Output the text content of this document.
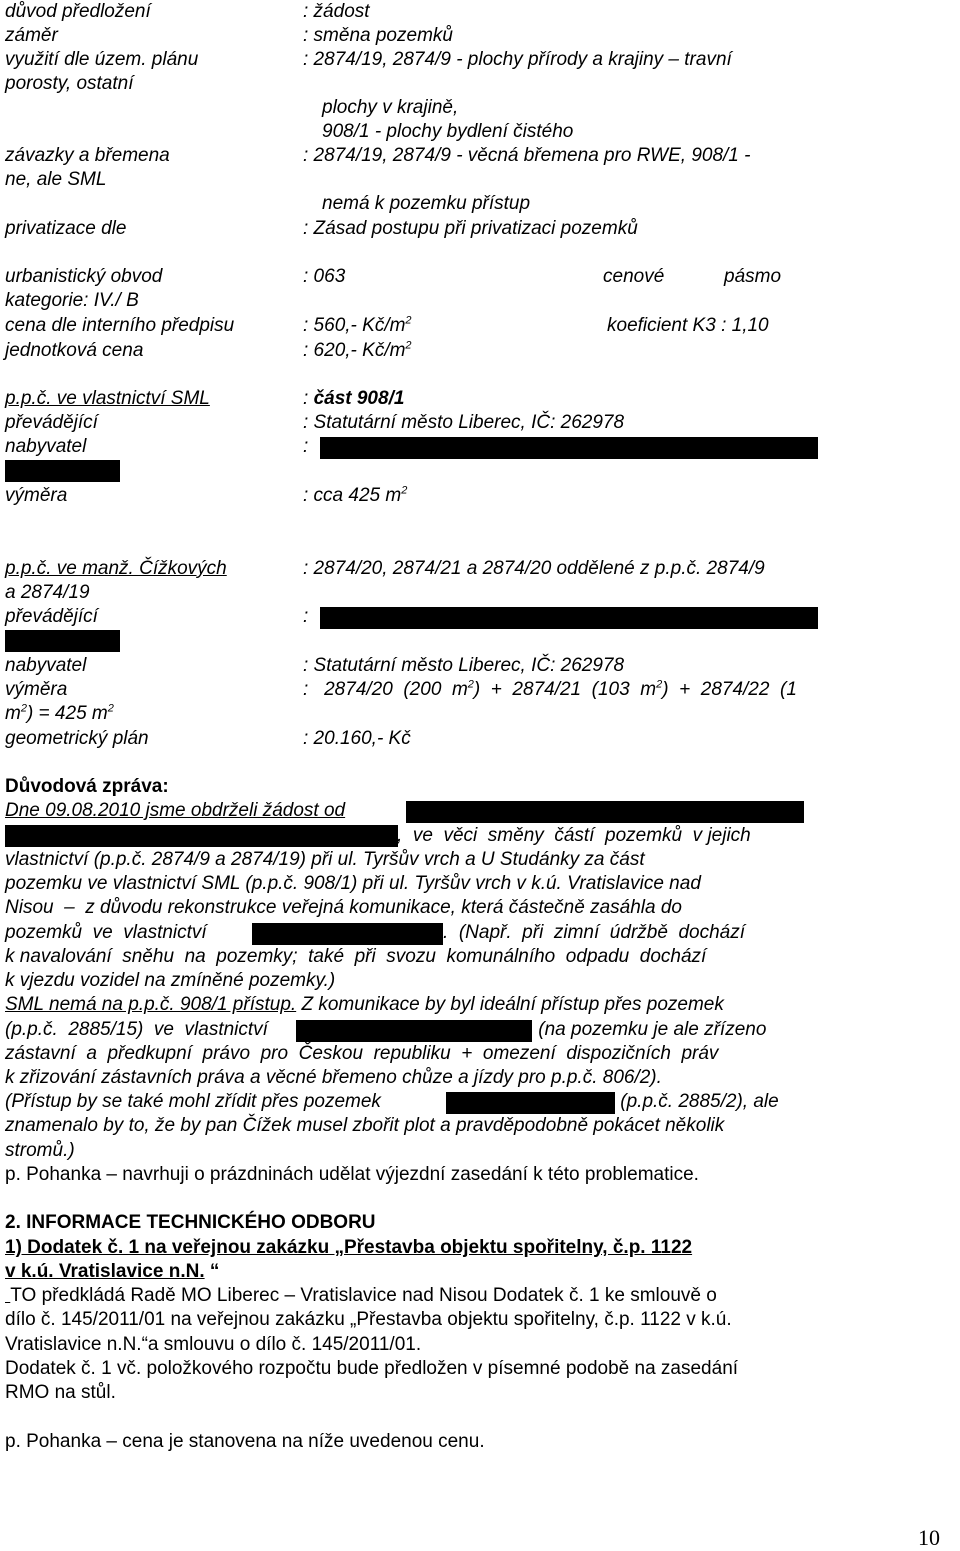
důvod předložení	: žádost
záměr	: směna pozemků
využití dle územ. plánu	: 2874/19, 2874/9 - plochy přírody a krajiny – travní
porosty, ostatní
plochy v krajině,
908/1 - plochy bydlení čistého
závazky a břemena	: 2874/19, 2874/9 - věcná břemena pro RWE, 908/1 -
ne, ale SML
nemá k pozemku přístup
privatizace dle	: Zásad postupu při privatizaci pozemků
urbanistický obvod	: 063	cenové	pásmo
kategorie: IV./ B
cena dle interního předpisu	: 560,- $Kč/m^2$	koeficient K3 : 1,10
jednotková cena	: 620,- $Kč/m^2$
p.p.č. ve vlastnictví SML	: část 908/1
převádějící	: Statutární město Liberec, IČ: 262978
nabyvatel	:
výměra	: cca 425 $m^2$
p.p.č. ve manž. Čížkových	: 2874/20, 2874/21 a 2874/20 oddělené z p.p.č. 2874/9
a 2874/19
převádějící	:
nabyvatel	: Statutární město Liberec, IČ: 262978
výměra	:   2874/20  (200  $m^2) + 2874/21$  (103  $m^2) + 2874/22$  (1
$m^2) = 425$ $m^2$
geometrický plán	: 20.160,- Kč
Důvodová zpráva:
Dne 09.08.2010 jsme obdrželi žádost od
,  ve  věci  směny  částí  pozemků  v jejich
vlastnictví (p.p.č. 2874/9 a 2874/19) při ul. Tyršův vrch a U Studánky za část
pozemku ve vlastnictví SML (p.p.č. 908/1) při ul. Tyršův vrch v k.ú. Vratislavice nad
Nisou  –  z důvodu rekonstrukce veřejná komunikace, která částečně zasáhla do
pozemků  ve  vlastnictví	.  (Např.  při  zimní  údržbě  dochází
k navalování  sněhu  na  pozemky;  také  při  svozu  komunálního  odpadu  dochází
k vjezdu vozidel na zmíněné pozemky.)
SML nemá na p.p.č. 908/1 přístup. Z komunikace by byl ideální přístup přes pozemek
(p.p.č.  2885/15)  ve  vlastnictví	(na pozemku je ale zřízeno
zástavní  a  předkupní  právo  pro  Českou  republiku  +  omezení  dispozičních  práv
k zřizování zástavních práva a věcné břemeno chůze a jízdy pro p.p.č. 806/2).
(Přístup by se také mohl zřídit přes pozemek	(p.p.č. 2885/2), ale
znamenalo by to, že by pan Čížek musel zbořit plot a pravděpodobně pokácet několik
stromů.)
p. Pohanka – navrhuji o prázdninách udělat výjezdní zasedání k této problematice.
2. INFORMACE TECHNICKÉHO ODBORU
1) Dodatek č. 1 na veřejnou zakázku „Přestavba objektu spořitelny, č.p. 1122
v k.ú. Vratislavice n.N. “
TO předkládá Radě MO Liberec – Vratislavice nad Nisou Dodatek č. 1 ke smlouvě o
dílo č. 145/2011/01 na veřejnou zakázku „Přestavba objektu spořitelny, č.p. 1122 v k.ú.
Vratislavice n.N.“a smlouvu o dílo č. 145/2011/01.
Dodatek č. 1 vč. položkového rozpočtu bude předložen v písemné podobě na zasedání
RMO na stůl.
p. Pohanka – cena je stanovena na níže uvedenou cenu.
10
